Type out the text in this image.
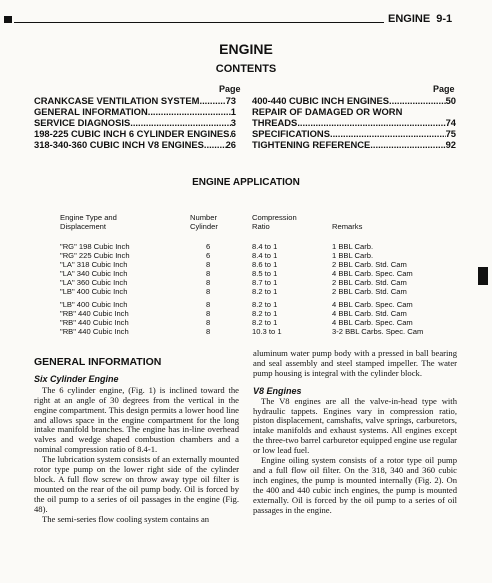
ENGINE 9-1
ENGINE
CONTENTS
Page
CRANKCASE VENTILATION SYSTEM .....	73
GENERAL INFORMATION .....	1
SERVICE DIAGNOSIS .....	3
198-225 CUBIC INCH 6 CYLINDER ENGINES ..... 6
318-340-360 CUBIC INCH V8 ENGINES ..... 26
Page
400-440 CUBIC INCH ENGINES .....	50
REPAIR OF DAMAGED OR WORN
THREADS .....	74
SPECIFICATIONS .....	75
TIGHTENING REFERENCE .....	92
ENGINE APPLICATION
Engine Type and	Number	Compression	
Displacement	Cylinder	Ratio	Remarks

"RG" 198 Cubic Inch	6	8.4 to 1	1 BBL Carb.
"RG" 225 Cubic Inch	6	8.4 to 1	1 BBL Carb.
"LA" 318 Cubic Inch	8	8.6 to 1	2 BBL Carb. Std. Cam
"LA" 340 Cubic Inch	8	8.5 to 1	4 BBL Carb. Spec. Cam
"LA" 360 Cubic Inch	8	8.7 to 1	2 BBL Carb. Std. Cam
"LB" 400 Cubic Inch	8	8.2 to 1	2 BBL Carb. Std. Cam

"LB" 400 Cubic Inch	8	8.2 to 1	4 BBL Carb. Spec. Cam
"RB" 440 Cubic Inch	8	8.2 to 1	4 BBL Carb. Std. Cam
"RB" 440 Cubic Inch	8	8.2 to 1	4 BBL Carb. Spec. Cam
"RB" 440 Cubic Inch	8	10.3 to 1	3-2 BBL Carbs. Spec. Cam
GENERAL INFORMATION
Six Cylinder Engine

The 6 cylinder engine, (Fig. 1) is inclined toward the right at an angle of 30 degrees from the vertical in the engine compartment. This design permits a lower hood line and allows space in the engine compartment for the long intake manifold branches. The engine has in-line overhead valves and wedge shaped combustion chambers and a nominal compression ratio of 8.4-1.

The lubrication system consists of an externally mounted rotor type pump on the lower right side of the cylinder block. A full flow screw on throw away type oil filter is mounted on the rear of the oil pump body. Oil is forced by the oil pump to a series of oil passages in the engine (Fig. 48).

The semi-series flow cooling system contains an

aluminum water pump body with a pressed in ball bearing and seal assembly and steel stamped impeller. The water pump housing is integral with the cylinder block.

V8 Engines

The V8 engines are all the valve-in-head type with hydraulic tappets. Engines vary in compression ratio, piston displacement, camshafts, valve springs, carburetors, intake manifolds and exhaust systems. All engines except the three-two barrel carburetor equipped engine use regular or low lead fuel.

Engine oiling system consists of a rotor type oil pump and a full flow oil filter. On the 318, 340 and 360 cubic inch engines, the pump is mounted internally (Fig. 2). On the 400 and 440 cubic inch engines, the pump is mounted externally. Oil is forced by the oil pump to a series of oil passages in the engine.
